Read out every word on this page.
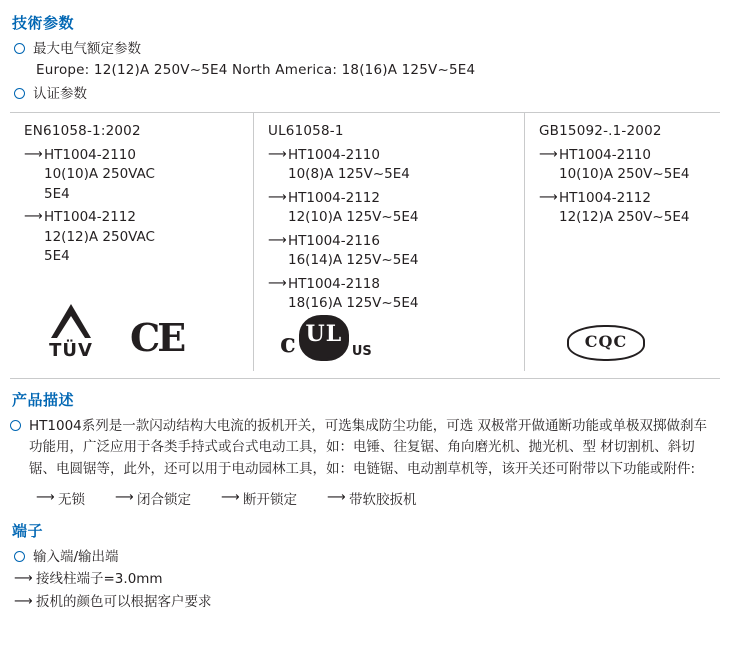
技術参数
最大电气额定参数
Europe: 12(12)A 250V~5E4 North America: 18(16)A 125V~5E4
认证参数
EN61058-1:2002
⟶ HT1004-2110
10(10)A 250VAC
5E4
⟶ HT1004-2112
12(12)A 250VAC
5E4
TÜV CE
UL61058-1
⟶ HT1004-2110
10(8)A 125V~5E4
⟶ HT1004-2112
12(10)A 125V~5E4
⟶ HT1004-2116
16(14)A 125V~5E4
⟶ HT1004-2118
18(16)A 125V~5E4
c UL
US
GB15092-.1-2002
⟶ HT1004-2110
10(10)A 250V~5E4
⟶ HT1004-2112
12(12)A 250V~5E4
CQC
产品描述
HT1004系列是一款闪动结构大电流的扳机开关，可选集成防尘功能，可选 双极常开做通断功能或单极双掷做刹车功能用，广泛应用于各类手持式或台式电动工具，如：电锤、往复锯、角向磨光机、抛光机、型 材切割机、斜切锯、电圆锯等，此外，还可以用于电动园林工具，如：电链锯、电动割草机等，该开关还可附带以下功能或附件:
⟶ 无锁 ⟶ 闭合锁定 ⟶ 断开锁定 ⟶ 带软胶扳机
端子
输入端/输出端
⟶ 接线柱端子=3.0mm
⟶ 扳机的颜色可以根据客户要求
